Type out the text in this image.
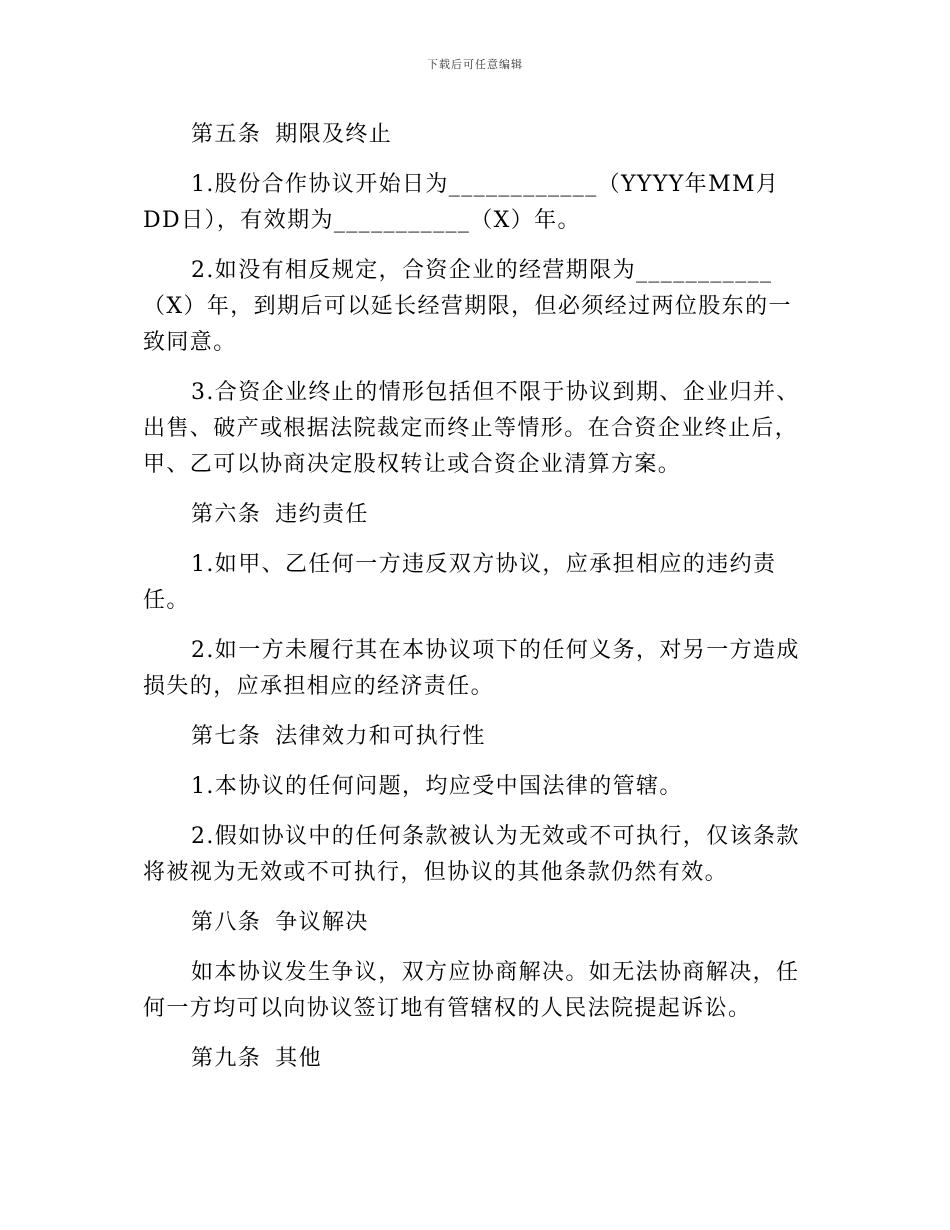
下载后可任意编辑

第五条 期限及终止

1.股份合作协议开始日为____________（YYYY年MM月DD日），有效期为___________（X）年。

2.如没有相反规定，合资企业的经营期限为___________（X）年，到期后可以延长经营期限，但必须经过两位股东的一致同意。

3.合资企业终止的情形包括但不限于协议到期、企业归并、出售、破产或根据法院裁定而终止等情形。在合资企业终止后，甲、乙可以协商决定股权转让或合资企业清算方案。

第六条 违约责任

1.如甲、乙任何一方违反双方协议，应承担相应的违约责任。

2.如一方未履行其在本协议项下的任何义务，对另一方造成损失的，应承担相应的经济责任。

第七条 法律效力和可执行性

1.本协议的任何问题，均应受中国法律的管辖。

2.假如协议中的任何条款被认为无效或不可执行，仅该条款将被视为无效或不可执行，但协议的其他条款仍然有效。

第八条 争议解决

如本协议发生争议，双方应协商解决。如无法协商解决，任何一方均可以向协议签订地有管辖权的人民法院提起诉讼。

第九条 其他
